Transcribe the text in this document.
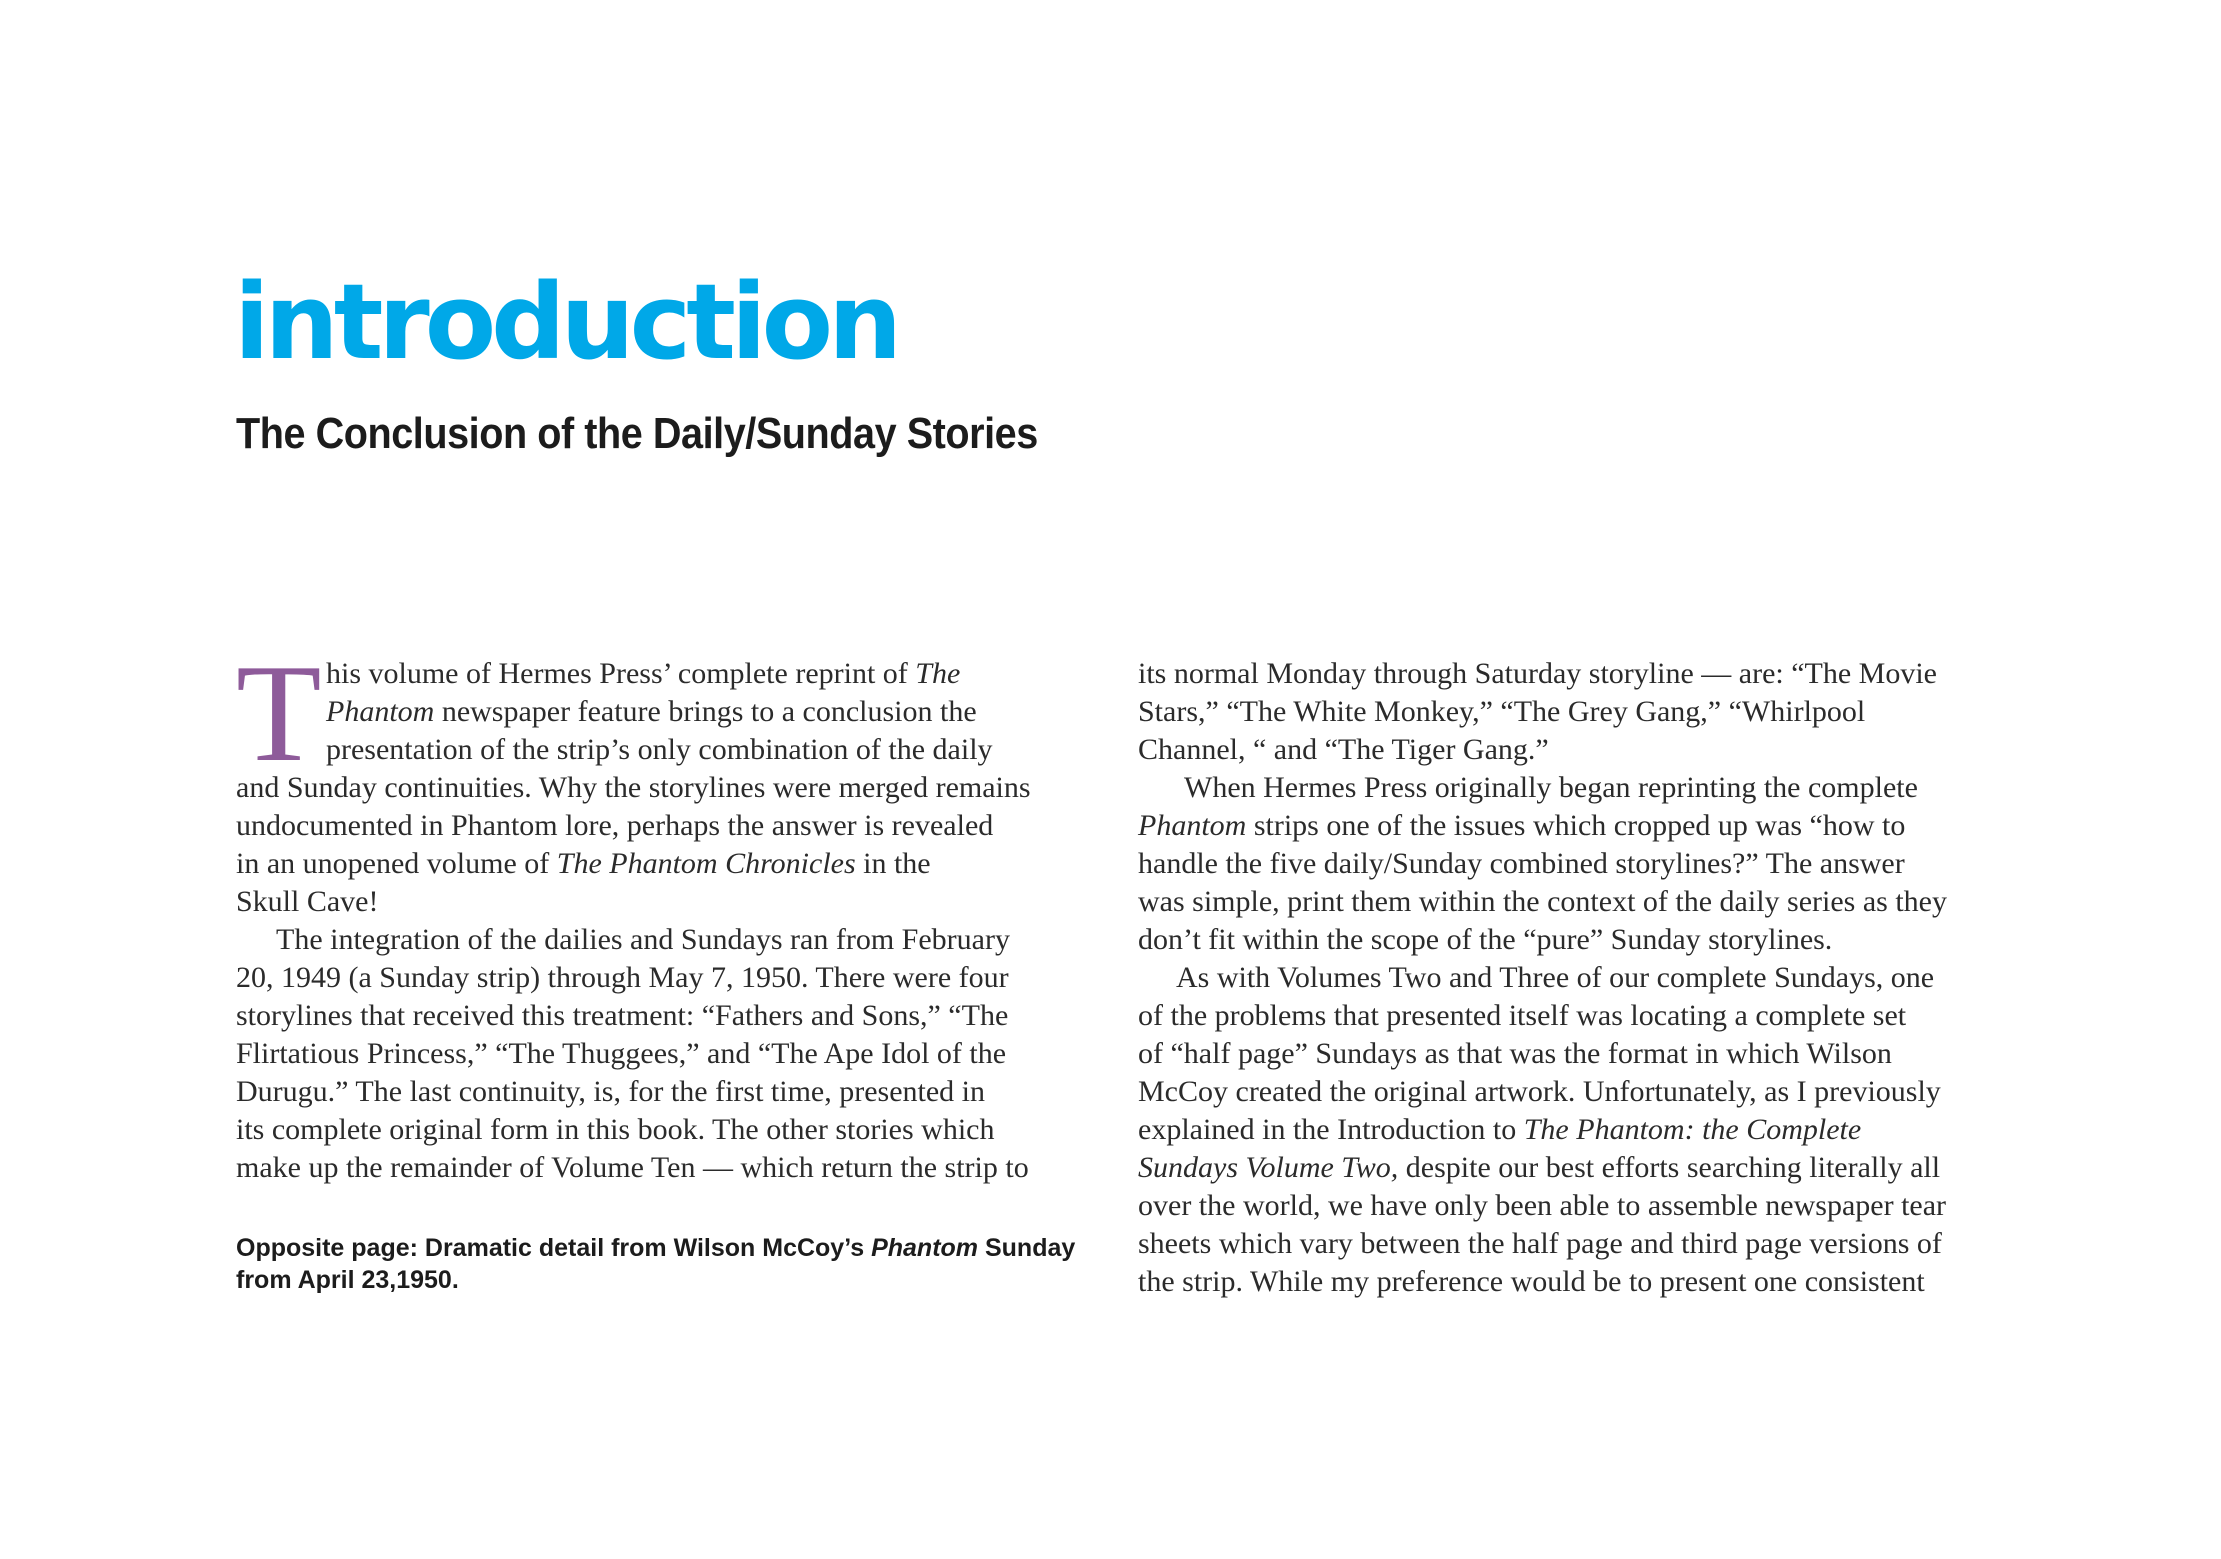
introduction
The Conclusion of the Daily/Sunday Stories
T his volume of Hermes Press’ complete reprint of The
Phantom newspaper feature brings to a conclusion the
presentation of the strip’s only combination of the daily
and Sunday continuities. Why the storylines were merged remains
undocumented in Phantom lore, perhaps the answer is revealed
in an unopened volume of The Phantom Chronicles in the
Skull Cave!
The integration of the dailies and Sundays ran from February
20, 1949 (a Sunday strip) through May 7, 1950. There were four
storylines that received this treatment: “Fathers and Sons,” “The
Flirtatious Princess,” “The Thuggees,” and “The Ape Idol of the
Durugu.” The last continuity, is, for the first time, presented in
its complete original form in this book. The other stories which
make up the remainder of Volume Ten — which return the strip to
Opposite page: Dramatic detail from Wilson McCoy’s Phantom Sunday
from April 23,1950.
its normal Monday through Saturday storyline — are: “The Movie
Stars,” “The White Monkey,” “The Grey Gang,” “Whirlpool
Channel, “ and “The Tiger Gang.”
When Hermes Press originally began reprinting the complete
Phantom strips one of the issues which cropped up was “how to
handle the five daily/Sunday combined storylines?” The answer
was simple, print them within the context of the daily series as they
don’t fit within the scope of the “pure” Sunday storylines.
As with Volumes Two and Three of our complete Sundays, one
of the problems that presented itself was locating a complete set
of “half page” Sundays as that was the format in which Wilson
McCoy created the original artwork. Unfortunately, as I previously
explained in the Introduction to The Phantom: the Complete
Sundays Volume Two, despite our best efforts searching literally all
over the world, we have only been able to assemble newspaper tear
sheets which vary between the half page and third page versions of
the strip. While my preference would be to present one consistent
